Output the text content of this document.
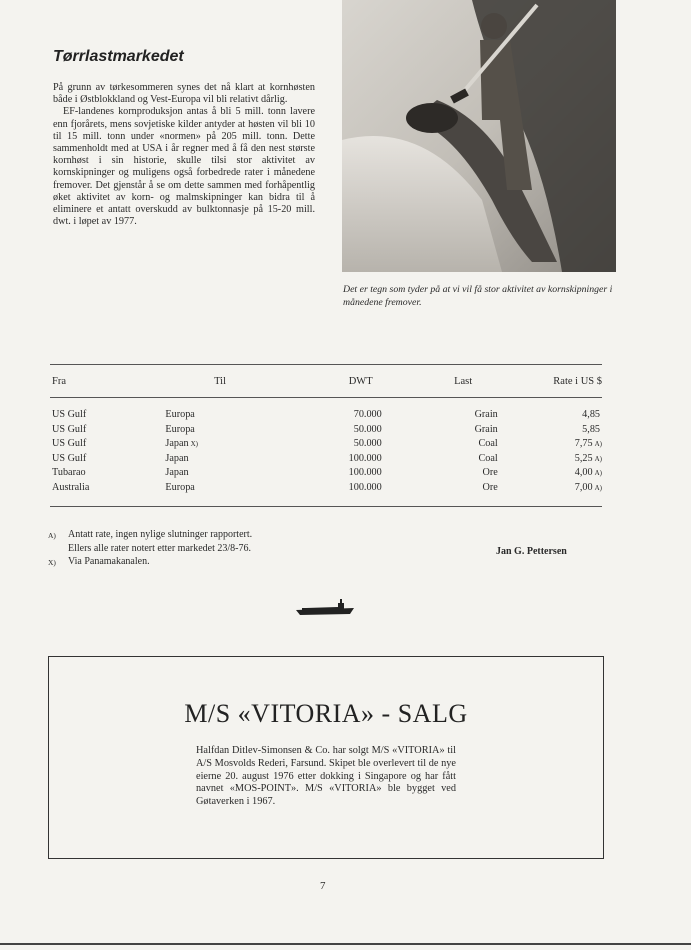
Tørrlastmarkedet

På grunn av tørkesommeren synes det nå klart at kornhøsten både i Østblokkland og Vest-Europa vil bli relativt dårlig.

EF-landenes kornproduksjon antas å bli 5 mill. tonn lavere enn fjorårets, mens sovjetiske kilder antyder at høsten vil bli 10 til 15 mill. tonn under «normen» på 205 mill. tonn. Dette sammenholdt med at USA i år regner med å få den nest største kornhøst i sin historie, skulle tilsi stor aktivitet av kornskipninger og muligens også forbedrede rater i månedene fremover. Det gjenstår å se om dette sammen med forhåpentlig øket aktivitet av korn- og malmskipninger kan bidra til å eliminere et antatt overskudd av bulktonnasje på 15-20 mill. dwt. i løpet av 1977.

Det er tegn som tyder på at vi vil få stor aktivitet av kornskipninger i månedene fremover.
Fra	Til	DWT	Last	Rate i US $
US Gulf	Europa	70.000	Grain	4,85
US Gulf	Europa	50.000	Grain	5,85
US Gulf	Japan X)	50.000	Coal	7,75 A)
US Gulf	Japan	100.000	Coal	5,25 A)
Tubarao	Japan	100.000	Ore	4,00 A)
Australia	Europa	100.000	Ore	7,00 A)
A)	Antatt rate, ingen nylige slutninger rapportert.
Ellers alle rater notert etter markedet 23/8-76.
X)	Via Panamakanalen.
Jan G. Pettersen
M/S «VITORIA» - SALG
Halfdan Ditlev-Simonsen & Co. har solgt M/S «VITORIA» til A/S Mosvolds Rederi, Farsund. Skipet ble overlevert til de nye eierne 20. august 1976 etter dokking i Singapore og har fått navnet «MOS-POINT». M/S «VITORIA» ble bygget ved Gøtaverken i 1967.
7
